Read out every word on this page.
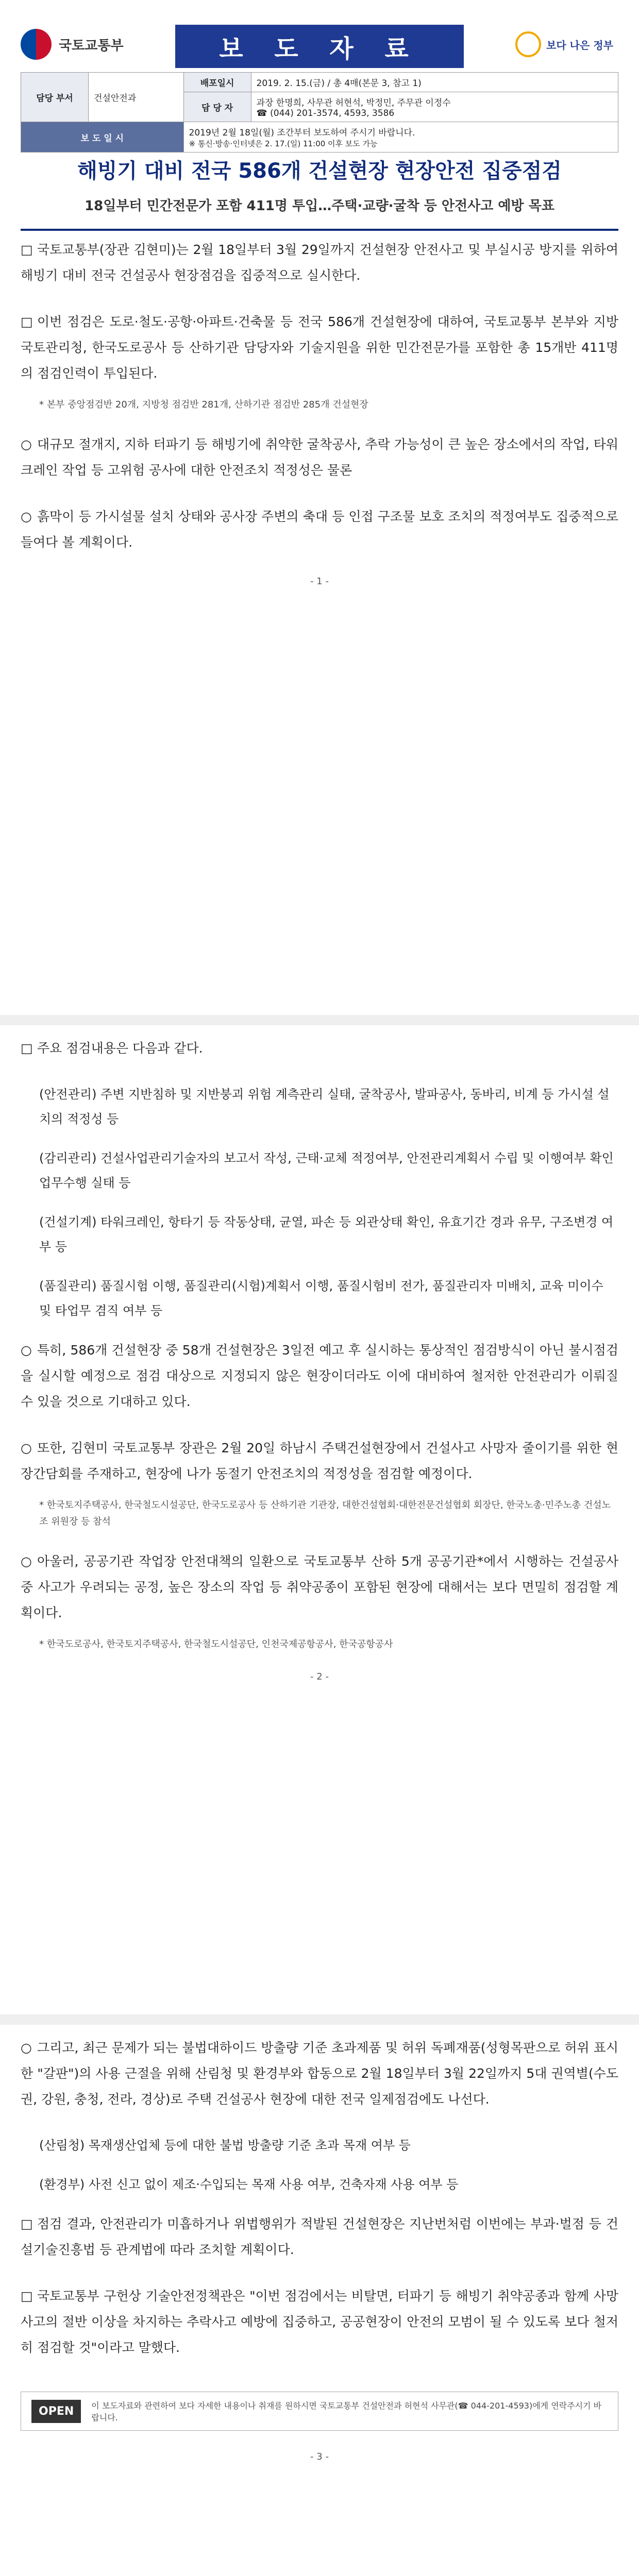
국토교통부	보 도 자 료	보다 나은 정부
담당 부서	건설안전과	배포일시	2019. 2. 15.(금) / 총 4매(본문 3, 참고 1)
		담 당 자	과장 한명희, 사무관 허현석, 박정민, 주무관 이정수
☎ (044) 201-3574, 4593, 3586

보 도 일 시		2019년 2월 18일(월) 조간부터 보도하여 주시기 바랍니다.
※ 통신·방송·인터넷은 2. 17.(일) 11:00 이후 보도 가능	
해빙기 대비 전국 586개 건설현장 현장안전 집중점검
18일부터 민간전문가 포함 411명 투입…주택·교량·굴착 등 안전사고 예방 목표

□ 국토교통부(장관 김현미)는 2월 18일부터 3월 29일까지 건설현장 안전사고 및 부실시공 방지를 위하여 해빙기 대비 전국 건설공사 현장점검을 집중적으로 실시한다.

□ 이번 점검은 도로·철도·공항·아파트·건축물 등 전국 586개 건설현장에 대하여, 국토교통부 본부와 지방국토관리청, 한국도로공사 등 산하기관 담당자와 기술지원을 위한 민간전문가를 포함한 총 15개반 411명의 점검인력이 투입된다.

* 본부 중앙점검반 20개, 지방청 점검반 281개, 산하기관 점검반 285개 건설현장

○ 대규모 절개지, 지하 터파기 등 해빙기에 취약한 굴착공사, 추락 가능성이 큰 높은 장소에서의 작업, 타워크레인 작업 등 고위험 공사에 대한 안전조치 적정성은 물론

○ 흙막이 등 가시설물 설치 상태와 공사장 주변의 축대 등 인접 구조물 보호 조치의 적정여부도 집중적으로 들여다 볼 계획이다.

- 1 -

□ 주요 점검내용은 다음과 같다.

(안전관리) 주변 지반침하 및 지반붕괴 위험 계측관리 실태, 굴착공사, 발파공사, 동바리, 비계 등 가시설 설치의 적정성 등
(감리관리) 건설사업관리기술자의 보고서 작성, 근태·교체 적정여부, 안전관리계획서 수립 및 이행여부 확인 업무수행 실태 등
(건설기계) 타워크레인, 항타기 등 작동상태, 균열, 파손 등 외관상태 확인, 유효기간 경과 유무, 구조변경 여부 등
(품질관리) 품질시험 이행, 품질관리(시험)계획서 이행, 품질시험비 전가, 품질관리자 미배치, 교육 미이수 및 타업무 겸직 여부 등

○ 특히, 586개 건설현장 중 58개 건설현장은 3일전 예고 후 실시하는 통상적인 점검방식이 아닌 불시점검을 실시할 예정으로 점검 대상으로 지정되지 않은 현장이더라도 이에 대비하여 철저한 안전관리가 이뤄질 수 있을 것으로 기대하고 있다.

○ 또한, 김현미 국토교통부 장관은 2월 20일 하남시 주택건설현장에서 건설사고 사망자 줄이기를 위한 현장간담회를 주재하고, 현장에 나가 동절기 안전조치의 적정성을 점검할 예정이다.

* 한국토지주택공사, 한국철도시설공단, 한국도로공사 등 산하기관 기관장, 대한건설협회·대한전문건설협회 회장단, 한국노총·민주노총 건설노조 위원장 등 참석

○ 아울러, 공공기관 작업장 안전대책의 일환으로 국토교통부 산하 5개 공공기관*에서 시행하는 건설공사 중 사고가 우려되는 공정, 높은 장소의 작업 등 취약공종이 포함된 현장에 대해서는 보다 면밀히 점검할 계획이다.

* 한국도로공사, 한국토지주택공사, 한국철도시설공단, 인천국제공항공사, 한국공항공사
- 2 -

○ 그리고, 최근 문제가 되는 불법대하이드 방출량 기준 초과제품 및 허위 독폐재품(성형목판으로 허위 표시한 "갈판")의 사용 근절을 위해 산림청 및 환경부와 합동으로 2월 18일부터 3월 22일까지 5대 권역별(수도권, 강원, 충청, 전라, 경상)로 주택 건설공사 현장에 대한 전국 일제점검에도 나선다.

(산림청) 목재생산업체 등에 대한 불법 방출량 기준 초과 목재 여부 등
(환경부) 사전 신고 없이 제조·수입되는 목재 사용 여부, 건축자재 사용 여부 등

□ 점검 결과, 안전관리가 미흡하거나 위법행위가 적발된 건설현장은 지난번처럼 이번에는 부과·벌점 등 건설기술진흥법 등 관계법에 따라 조치할 계획이다.

□ 국토교통부 구헌상 기술안전정책관은 "이번 점검에서는 비탈면, 터파기 등 해빙기 취약공종과 함께 사망사고의 절반 이상을 차지하는 추락사고 예방에 집중하고, 공공현장이 안전의 모범이 될 수 있도록 보다 철저히 점검할 것"이라고 말했다.

OPEN	이 보도자료와 관련하여 보다 자세한 내용이나 취재를 원하시면 국토교통부 건설안전과 허현석 사무관(☎ 044-201-4593)에게 연락주시기 바랍니다.
- 3 -
